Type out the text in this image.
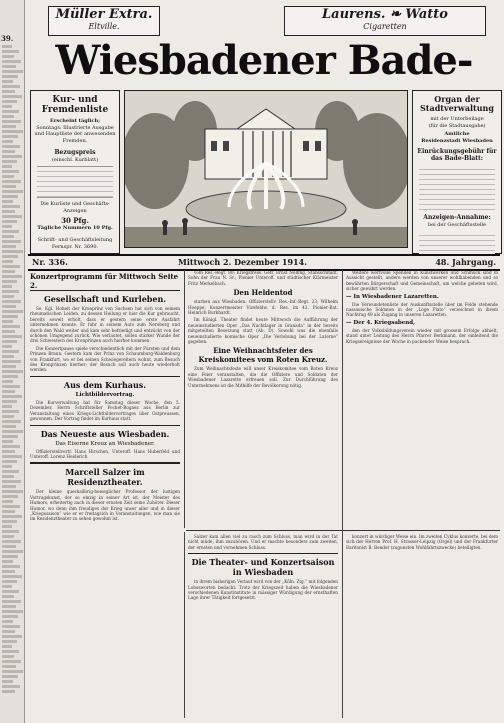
39.
Müller Extra.
Eltville.
Laurens. ❧ Watto
Cigaretten
Wiesbadener Bade-
Kur- und
Fremdenliste
Erscheint täglich;
Sonntags: Illustrierte Ausgabe
und Hauptliste der anwesenden
Fremden.
Bezugspreis
(einschl. Kurblatt)
Die Kurliste und Geschäfts-Anzeigen
30 Pfg.
Tägliche Nummern 10 Pfg.
Schrift- und Geschäftsleitung
Fernspr. Nr. 3690.
Organ der
Stadtverwaltung
mit der Unterbeilage
(für die Stadtausgabe)
Amtliche
Residenzstadt Wiesbaden
Einrückungsgebühr für
das Bade-Blatt:
Anzeigen-Annahme:
bei der Geschäftsstelle
Nr. 336.	Mittwoch 2. Dezember 1914.	48. Jahrgang.
Konzertprogramm für Mittwoch Seite 2.
Gesellschaft und Kurleben.

Se. Kgl. Hoheit der Kronprinz von Sachsen hat sich von seinem rheumatischen Leiden, zu dessen Heilung er hier die Kur gebraucht, bereits soweit erholt, dass er gestern seine erste Ausfahrt unternehmen konnte. Er fuhr in seinem Auto zum Neroberg und durch den Wald weiter und kam sehr befriedigt und entzückt von der schönen Umgegend zurück. Wie verlautet, sollen stärker Wunde der drei Schwestern des Kronprinzen auch hierher kommen.

Die Konzertpause spiele verschiedentlich mit der Fürsten und dem Prinzen Braun. Gestern kam der Prinz von Schaumburg-Waldenburg von Frankfurt, wo er bei seinen Schwiegereltern wohnt, zum Besuch des Kronprinzen hierher; der Besuch soll auch heute wiederholt werden.

Aus dem Kurhaus.
Lichtbildervortrag.

Die Kurverwaltung hat für Samstag dieser Woche, den 5. Dezember, Herrn Schriftsteller Fochet-Rogaez aus Berlin zur Veranstaltung eines Kriegs-Lichtbildervortrages über Ostpreussen, gewonnen. Der Vortrag findet im Kurhaus statt.

Das Neueste aus Wiesbaden.
Das Eiserne Kreuz an Wiesbadener.

Offizierstellvertr. Hans Hirschen, Unteroff. Hans Huberfeld und Unteroff. Lorenz Heiderich

Marcell Salzer im Residenztheater.

Der kleine quecksilbrig-beweglicher Professor der lustigen Vortragskunst, der so einzig in seiner Art ist, der Meister des Humors, erheitertig auch in dieser ernsten Zeit seine Zuhörer. Dieser Humor, wo denn ihm freudiges der Krieg unser aller und in dieser „Kriegssaison“ wie er er freitagsich in Veranstaltungen, wie man sie im Residenztheater zu sehen gewohnt ist.

vom Res.-Regt. 80; Kriegsfreiw. Gefr. Ernst Nölling, Stabsschmidt, Sohn der Frau N. Sr.; Pionier Unteroff. und städtischer Klärmeister Fritz Merkelbach.

Den Heldentod

starben aus Wiesbaden: Offizierstellv. Res.-Inf.-Regt. 23; Wilhelm Hoeppe, Konzertmeister Vizefeldw. d. Res. im 43. Pionier-Bat. Heinrich Burkhardt.

Im Königl. Theater findet heute Mittwoch die Aufführung der neueinstudierten Oper „Das Nachtlager in Granada“ in der bereits mitgeteilten Besetzung statt (Ab. D). Sowohl was die ebenfalls neueinstudierte komische Oper „Die Verlobung bei der Laterne“ gegeben.

Eine Weihnachtsfeier des Kreiskomitees vom Roten Kreuz.

Zum Weihnachtsfeste will unser Kreiskomitee vom Roten Kreuz eine Feier veranstalten, die die Offiziere und Soldaten der Wiesbadener Lazarette erfreuen soll. Zur Durchführung des Unternehmens ist die Mithilfe der Bevölkerung nötig.

Weitere wertvolle Spenden in Kunstwerken und Schmuck sind in Aussicht gestellt, andere werden von unserer wohlhabenden und so bewährten Bürgerschaft und Gemeinschaft, um welche gebeten wird, sicher gewährt werden.

— In Wiesbadener Lazaretten.

Die Verwundetenliste der Auskunftsstelle über im Felde stehende nassauische Soldaten in der „Loge Plato“ verzeichnet in ihrem Nachtrag 49 als Zugang in unseren Lazaretten.

— Der 4. Kriegsabend,

den der Volksbildungsverein wieder mit grossem Erfolge abhielt, stand unter Leitung des Herrn Pfarrer Berkmann, der einleitend die Kriegsereignisse der Woche in packender Weise besprach.

Salzer kam allen viel zu rasch zum Schluss, man wird in der Tat nicht müde, ihm zuzuhören. Und er machte besonders zum zweiten, der ernsten und vornehmen Schluss.

Die Theater- und Konzertsaison in Wiesbaden

in ihrem bisherigen Verlauf wird von der „Köln. Ztg.“ mit folgenden Lobesworten bedacht: Trotz der Kriegszeit haben die Wiesbadener verschiedenen Kunstinstitute in mässiger Würdigung der ernsthaften Lage ihrer Tätigkeit fortgesetzt.

konzert in würdiger Weise ein. Im zweiten Cyklus konzerte, bei dem sich der Herren Prof. H. Strasser-Leipzig (Orgel) und der Frankfurter Baritonist B. Bender (zugunsten Wohlfahrtszwecke) beteiligten.
